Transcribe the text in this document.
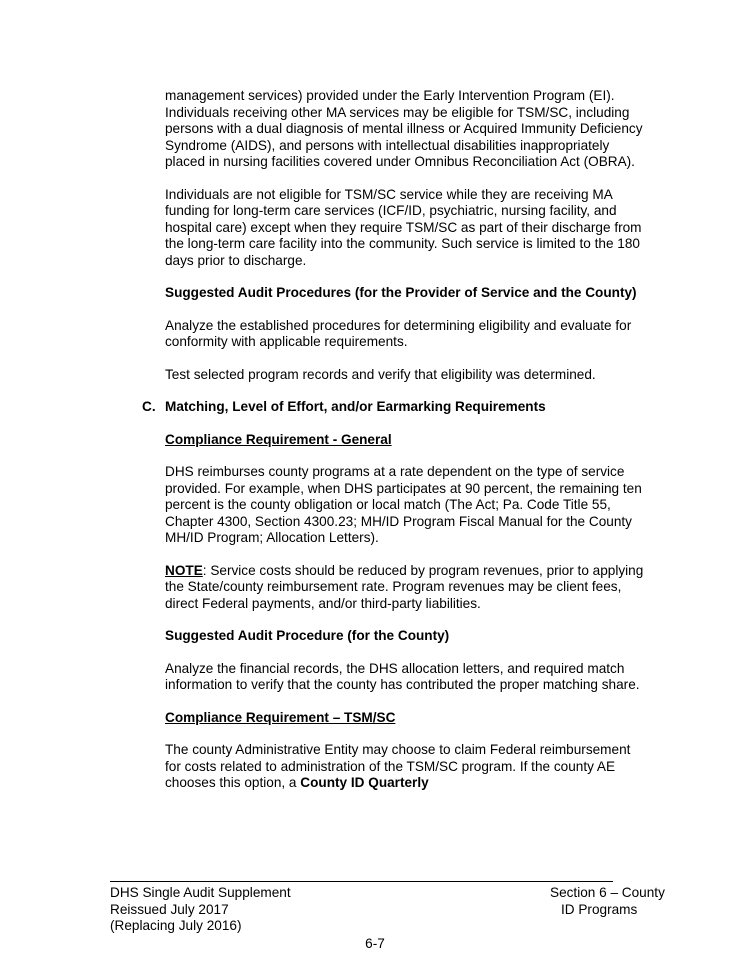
management services) provided under the Early Intervention Program (EI). Individuals receiving other MA services may be eligible for TSM/SC, including persons with a dual diagnosis of mental illness or Acquired Immunity Deficiency Syndrome (AIDS), and persons with intellectual disabilities inappropriately placed in nursing facilities covered under Omnibus Reconciliation Act (OBRA).

Individuals are not eligible for TSM/SC service while they are receiving MA funding for long-term care services (ICF/ID, psychiatric, nursing facility, and hospital care) except when they require TSM/SC as part of their discharge from the long-term care facility into the community. Such service is limited to the 180 days prior to discharge.

Suggested Audit Procedures (for the Provider of Service and the County)

Analyze the established procedures for determining eligibility and evaluate for conformity with applicable requirements.

Test selected program records and verify that eligibility was determined.

C. Matching, Level of Effort, and/or Earmarking Requirements
Compliance Requirement - General

DHS reimburses county programs at a rate dependent on the type of service provided. For example, when DHS participates at 90 percent, the remaining ten percent is the county obligation or local match (The Act; Pa. Code Title 55, Chapter 4300, Section 4300.23; MH/ID Program Fiscal Manual for the County MH/ID Program; Allocation Letters).

NOTE: Service costs should be reduced by program revenues, prior to applying the State/county reimbursement rate. Program revenues may be client fees, direct Federal payments, and/or third-party liabilities.

Suggested Audit Procedure (for the County)

Analyze the financial records, the DHS allocation letters, and required match information to verify that the county has contributed the proper matching share.

Compliance Requirement – TSM/SC

The county Administrative Entity may choose to claim Federal reimbursement for costs related to administration of the TSM/SC program. If the county AE chooses this option, a County ID Quarterly

DHS Single Audit Supplement
Reissued July 2017
(Replacing July 2016)
Section 6 – County
ID Programs
6-7
